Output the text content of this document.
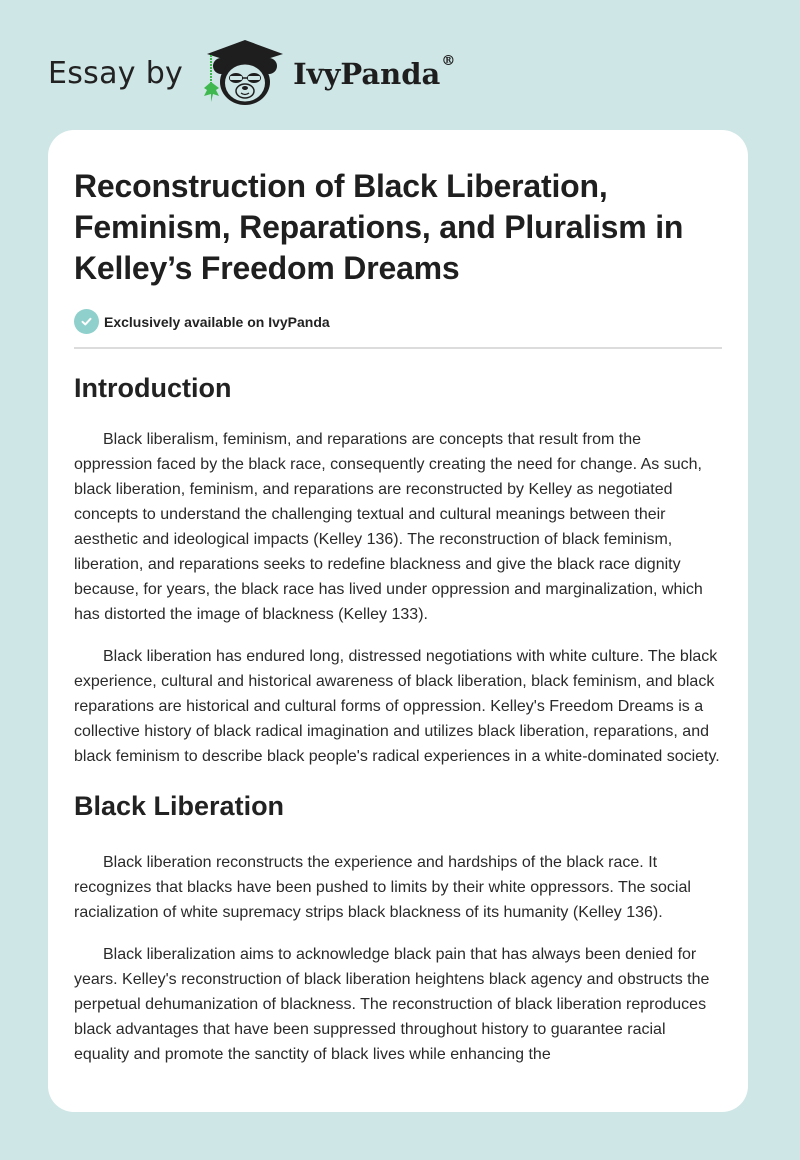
Essay by	IvyPanda®
Reconstruction of Black Liberation, Feminism, Reparations, and Pluralism in Kelley’s Freedom Dreams
Exclusively available on IvyPanda
Introduction

Black liberalism, feminism, and reparations are concepts that result from the oppression faced by the black race, consequently creating the need for change. As such, black liberation, feminism, and reparations are reconstructed by Kelley as negotiated concepts to understand the challenging textual and cultural meanings between their aesthetic and ideological impacts (Kelley 136). The reconstruction of black feminism, liberation, and reparations seeks to redefine blackness and give the black race dignity because, for years, the black race has lived under oppression and marginalization, which has distorted the image of blackness (Kelley 133).

Black liberation has endured long, distressed negotiations with white culture. The black experience, cultural and historical awareness of black liberation, black feminism, and black reparations are historical and cultural forms of oppression. Kelley's Freedom Dreams is a collective history of black radical imagination and utilizes black liberation, reparations, and black feminism to describe black people's radical experiences in a white-dominated society.

Black Liberation

Black liberation reconstructs the experience and hardships of the black race. It recognizes that blacks have been pushed to limits by their white oppressors. The social racialization of white supremacy strips black blackness of its humanity (Kelley 136).

Black liberalization aims to acknowledge black pain that has always been denied for years. Kelley's reconstruction of black liberation heightens black agency and obstructs the perpetual dehumanization of blackness. The reconstruction of black liberation reproduces black advantages that have been suppressed throughout history to guarantee racial equality and promote the sanctity of black lives while enhancing the
